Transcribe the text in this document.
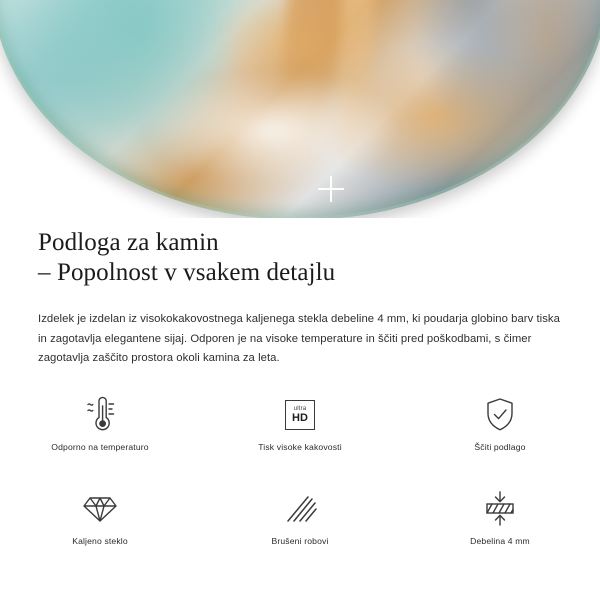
Podloga za kamin
– Popolnost v vsakem detajlu

Izdelek je izdelan iz visokokakovostnega kaljenega stekla debeline 4 mm, ki poudarja globino barv tiska in zagotavlja elegantene sijaj. Odporen je na visoke temperature in ščiti pred poškodbami, s čimer zagotavlja zaščito prostora okoli kamina za leta.

Odporno na temperaturo
ultra
HD
Tisk visoke kakovosti	Ščiti podlago
Kaljeno steklo	Brušeni robovi	Debelina 4 mm
